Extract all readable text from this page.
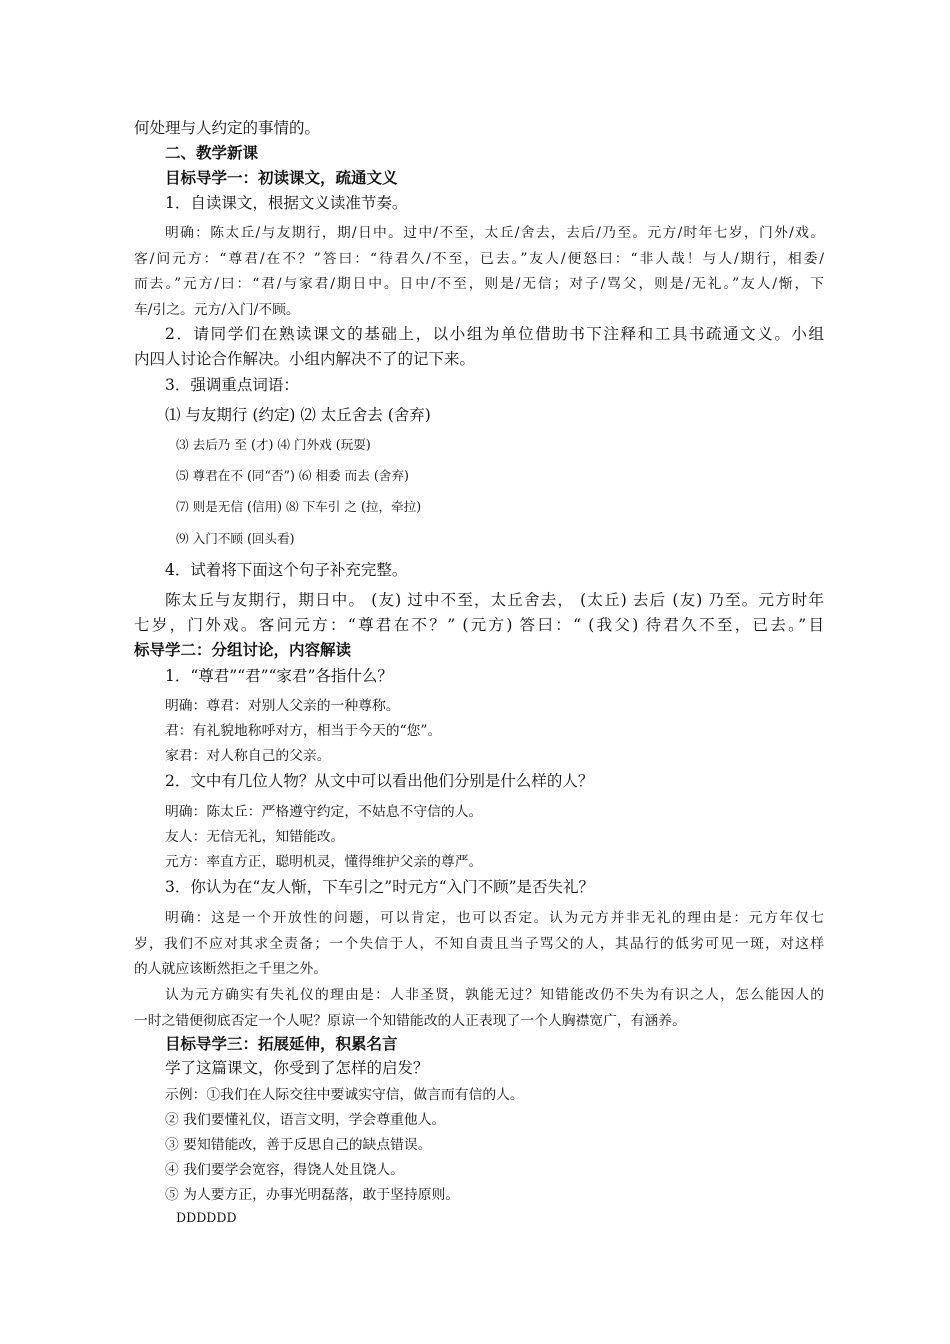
何处理与人约定的事情的。
二、教学新课
目标导学一：初读课文，疏通文义
1．自读课文，根据文义读准节奏。
明确：陈太丘/与友期行，期/日中。过中/不至，太丘/舍去，去后/乃至。元方/时年七岁，门外/戏。
客/问元方：“尊君/在不？”答曰：“待君久/不至，已去。”友人/便怒曰：“非人哉！与人/期行，相委/
而去。”元方/曰：“君/与家君/期日中。日中/不至，则是/无信；对子/骂父，则是/无礼。”友人/惭，下
车/引之。元方/入门/不顾。
2．请同学们在熟读课文的基础上，以小组为单位借助书下注释和工具书疏通文义。小组
内四人讨论合作解决。小组内解决不了的记下来。
3．强调重点词语：
⑴ 与友期行 (约定) ⑵ 太丘舍去 (舍弃)
⑶ 去后乃 至 (才) ⑷ 门外戏 (玩耍)
⑸ 尊君在不 (同“否”) ⑹ 相委 而去 (舍弃)
⑺ 则是无信 (信用) ⑻ 下车引 之 (拉，牵拉)
⑼ 入门不顾 (回头看)
4．试着将下面这个句子补充完整。
陈太丘与友期行，期日中。 (友) 过中不至，太丘舍去， (太丘) 去后 (友) 乃至。元方时年
七岁，门外戏。客问元方：“尊君在不？” (元方) 答曰：“ (我父) 待君久不至，已去。”目
标导学二：分组讨论，内容解读
1．“尊君”“君”“家君”各指什么？
明确：尊君：对别人父亲的一种尊称。
君：有礼貌地称呼对方，相当于今天的“您”。
家君：对人称自己的父亲。
2．文中有几位人物？从文中可以看出他们分别是什么样的人？
明确：陈太丘：严格遵守约定，不姑息不守信的人。
友人：无信无礼，知错能改。
元方：率直方正，聪明机灵，懂得维护父亲的尊严。
3．你认为在“友人惭，下车引之”时元方“入门不顾”是否失礼？
明确：这是一个开放性的问题，可以肯定，也可以否定。认为元方并非无礼的理由是：元方年仅七
岁，我们不应对其求全责备；一个失信于人，不知自责且当子骂父的人，其品行的低劣可见一斑，对这样
的人就应该断然拒之千里之外。
认为元方确实有失礼仪的理由是：人非圣贤，孰能无过？知错能改仍不失为有识之人，怎么能因人的
一时之错便彻底否定一个人呢？原谅一个知错能改的人正表现了一个人胸襟宽广，有涵养。
目标导学三：拓展延伸，积累名言
学了这篇课文，你受到了怎样的启发？
示例：①我们在人际交往中要诚实守信，做言而有信的人。
② 我们要懂礼仪，语言文明，学会尊重他人。
③ 要知错能改，善于反思自己的缺点错误。
④ 我们要学会宽容，得饶人处且饶人。
⑤ 为人要方正，办事光明磊落，敢于坚持原则。
DDDDDD
